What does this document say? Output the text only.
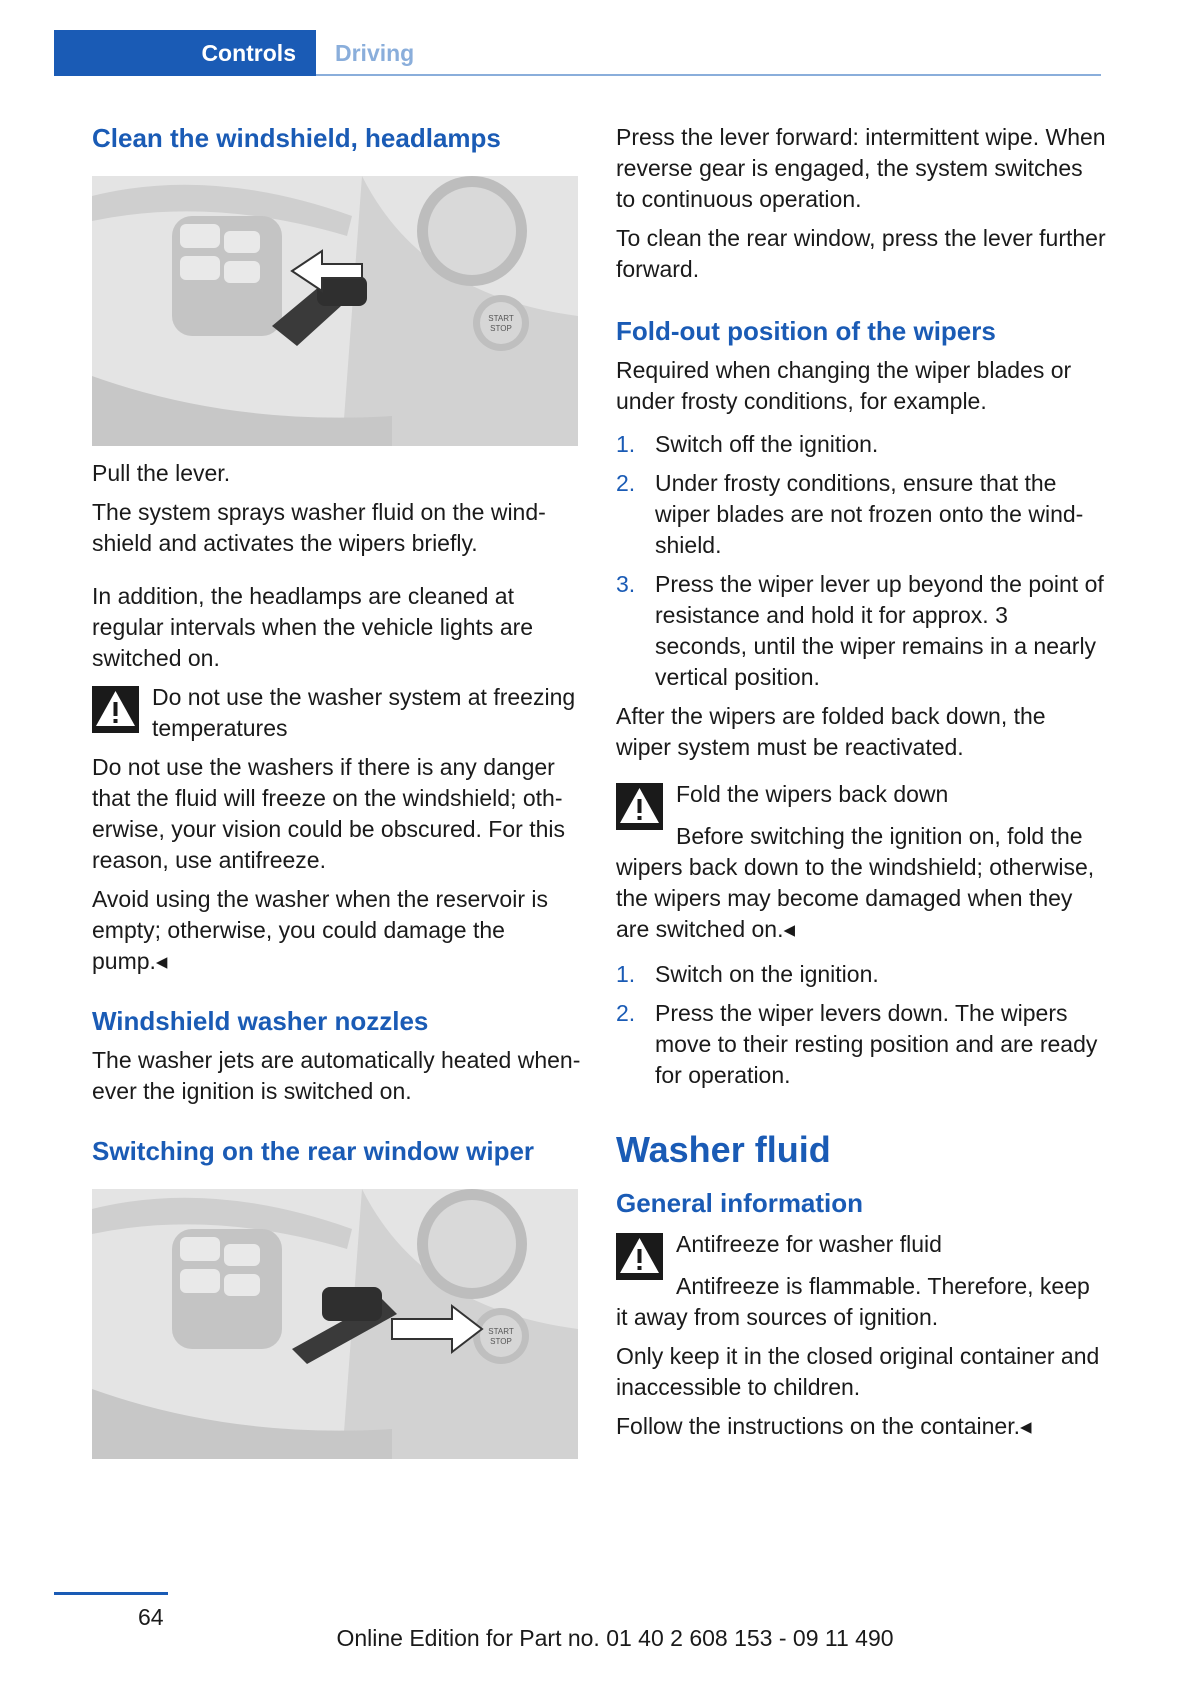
Controls	Driving
Clean the windshield, headlamps
START
STOP

Pull the lever.

The system sprays washer fluid on the wind-shield and activates the wipers briefly.

In addition, the headlamps are cleaned at regular intervals when the vehicle lights are switched on.

Do not use the washer system at freezing temperatures

Do not use the washers if there is any danger that the fluid will freeze on the windshield; oth-erwise, your vision could be obscured. For this reason, use antifreeze.

Avoid using the washer when the reservoir is empty; otherwise, you could damage the pump.◂

Windshield washer nozzles

The washer jets are automatically heated when-ever the ignition is switched on.

Switching on the rear window wiper
START
STOP

Press the lever forward: intermittent wipe. When reverse gear is engaged, the system switches to continuous operation.

To clean the rear window, press the lever further forward.

Fold-out position of the wipers

Required when changing the wiper blades or under frosty conditions, for example.

1. Switch off the ignition.
2. Under frosty conditions, ensure that the wiper blades are not frozen onto the wind-shield.
3. Press the wiper lever up beyond the point of resistance and hold it for approx. 3 seconds, until the wiper remains in a nearly vertical position.

After the wipers are folded back down, the wiper system must be reactivated.

Fold the wipers back down

Before switching the ignition on, fold the wipers back down to the windshield; otherwise, the wipers may become damaged when they are switched on.◂

1. Switch on the ignition.
2. Press the wiper levers down. The wipers move to their resting position and are ready for operation.
Washer fluid
General information

Antifreeze for washer fluid

Antifreeze is flammable. Therefore, keep it away from sources of ignition.

Only keep it in the closed original container and inaccessible to children.

Follow the instructions on the container.◂

64
Online Edition for Part no. 01 40 2 608 153 - 09 11 490
